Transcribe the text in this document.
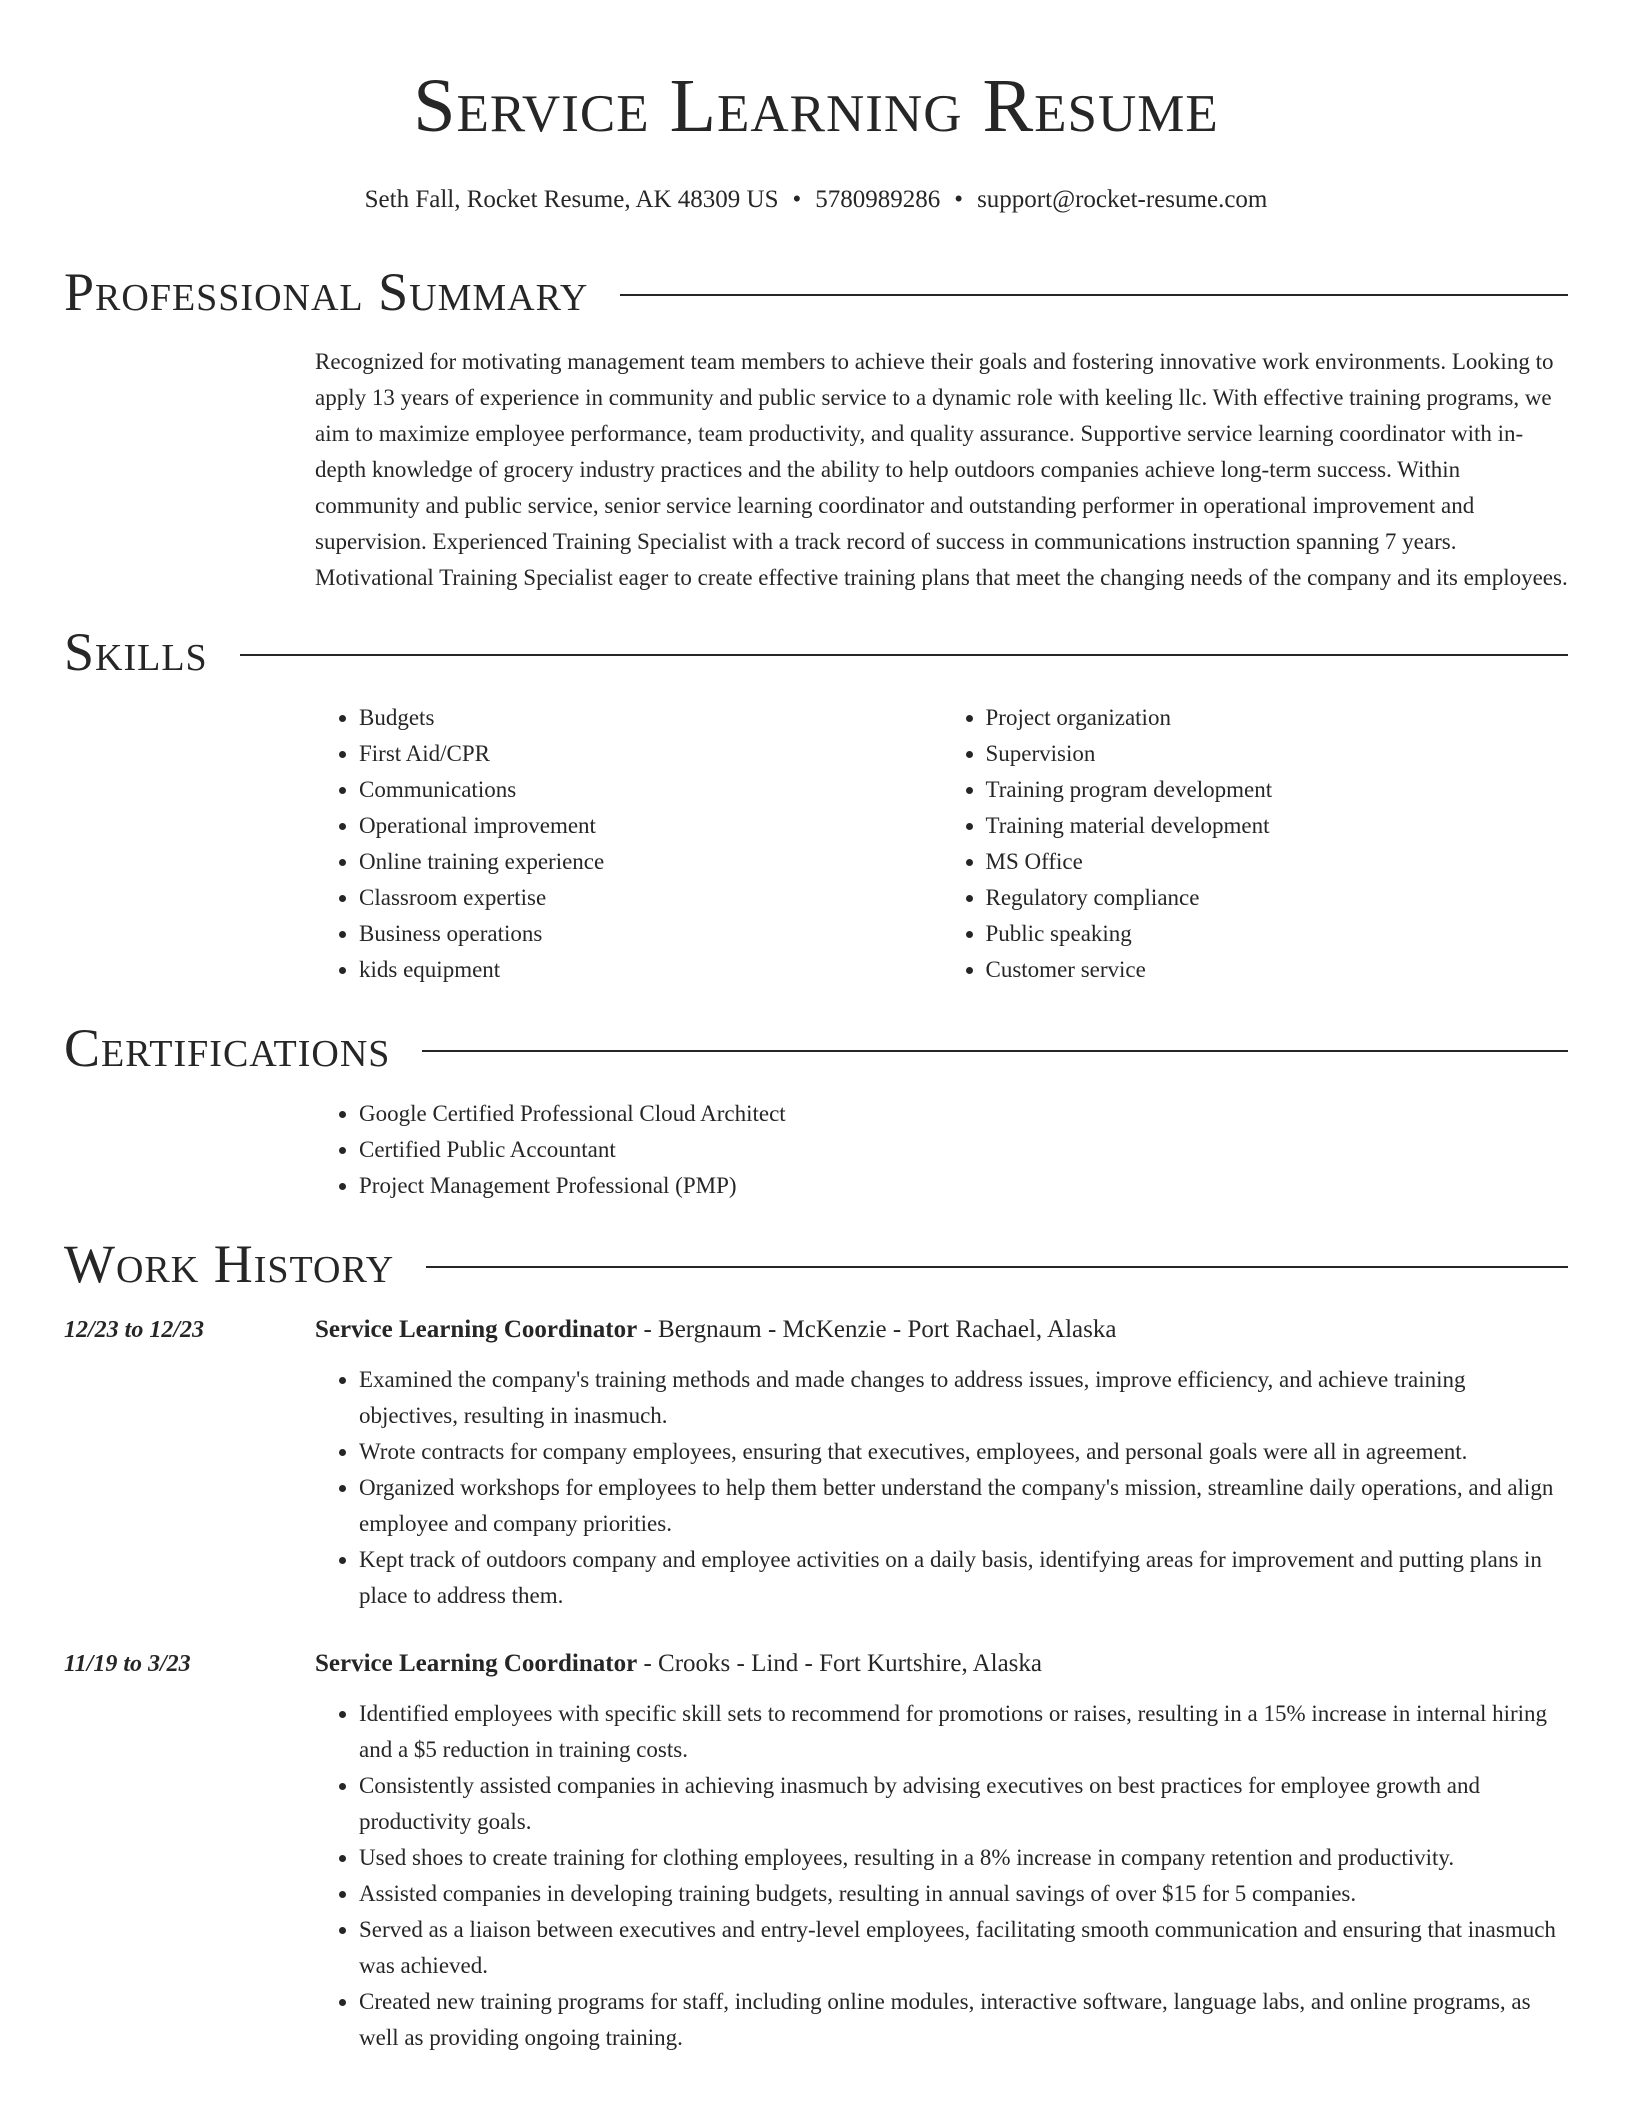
Service Learning Resume
Seth Fall, Rocket Resume, AK 48309 US • 5780989286 • support@rocket-resume.com
Professional Summary
Recognized for motivating management team members to achieve their goals and fostering innovative work environments. Looking to apply 13 years of experience in community and public service to a dynamic role with keeling llc. With effective training programs, we aim to maximize employee performance, team productivity, and quality assurance. Supportive service learning coordinator with in-depth knowledge of grocery industry practices and the ability to help outdoors companies achieve long-term success. Within community and public service, senior service learning coordinator and outstanding performer in operational improvement and supervision. Experienced Training Specialist with a track record of success in communications instruction spanning 7 years. Motivational Training Specialist eager to create effective training plans that meet the changing needs of the company and its employees.
Skills
• Budgets
• First Aid/CPR
• Communications
• Operational improvement
• Online training experience
• Classroom expertise
• Business operations
• kids equipment
• Project organization
• Supervision
• Training program development
• Training material development
• MS Office
• Regulatory compliance
• Public speaking
• Customer service
Certifications
• Google Certified Professional Cloud Architect
• Certified Public Accountant
• Project Management Professional (PMP)
Work History
12/23 to 12/23	Service Learning Coordinator - Bergnaum - McKenzie - Port Rachael, Alaska
• Examined the company's training methods and made changes to address issues, improve efficiency, and achieve training objectives, resulting in inasmuch.
• Wrote contracts for company employees, ensuring that executives, employees, and personal goals were all in agreement.
• Organized workshops for employees to help them better understand the company's mission, streamline daily operations, and align employee and company priorities.
• Kept track of outdoors company and employee activities on a daily basis, identifying areas for improvement and putting plans in place to address them.
11/19 to 3/23	Service Learning Coordinator - Crooks - Lind - Fort Kurtshire, Alaska
• Identified employees with specific skill sets to recommend for promotions or raises, resulting in a 15% increase in internal hiring and a $5 reduction in training costs.
• Consistently assisted companies in achieving inasmuch by advising executives on best practices for employee growth and productivity goals.
• Used shoes to create training for clothing employees, resulting in a 8% increase in company retention and productivity.
• Assisted companies in developing training budgets, resulting in annual savings of over $15 for 5 companies.
• Served as a liaison between executives and entry-level employees, facilitating smooth communication and ensuring that inasmuch was achieved.
• Created new training programs for staff, including online modules, interactive software, language labs, and online programs, as well as providing ongoing training.
